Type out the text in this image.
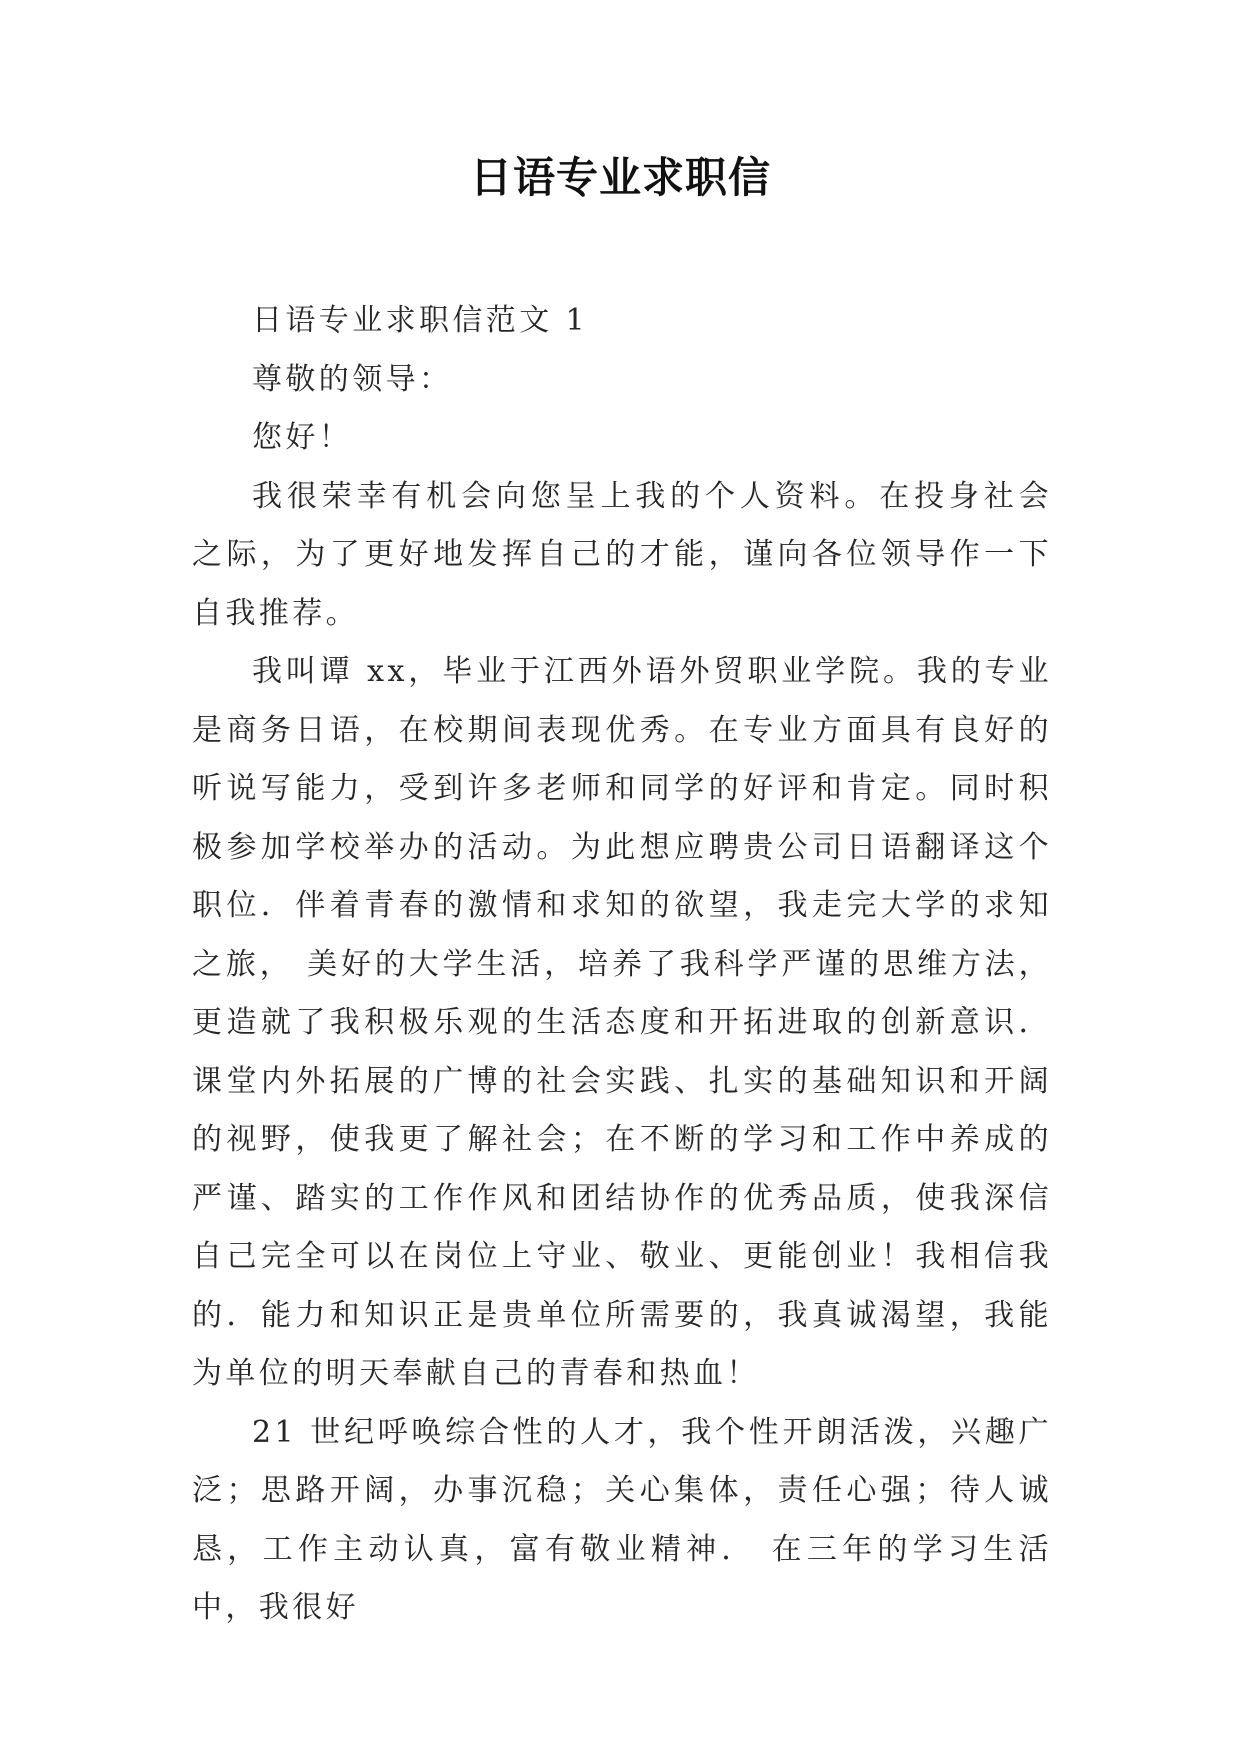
日语专业求职信

日语专业求职信范文 1

尊敬的领导：

您好！

我很荣幸有机会向您呈上我的个人资料。在投身社会之际，为了更好地发挥自己的才能，谨向各位领导作一下自我推荐。

我叫谭 xx，毕业于江西外语外贸职业学院。我的专业是商务日语，在校期间表现优秀。在专业方面具有良好的听说写能力，受到许多老师和同学的好评和肯定。同时积极参加学校举办的活动。为此想应聘贵公司日语翻译这个职位．伴着青春的激情和求知的欲望，我走完大学的求知之旅， 美好的大学生活，培养了我科学严谨的思维方法，更造就了我积极乐观的生活态度和开拓进取的创新意识．课堂内外拓展的广博的社会实践、扎实的基础知识和开阔的视野，使我更了解社会；在不断的学习和工作中养成的严谨、踏实的工作作风和团结协作的优秀品质，使我深信自己完全可以在岗位上守业、敬业、更能创业！我相信我的．能力和知识正是贵单位所需要的，我真诚渴望，我能为单位的明天奉献自己的青春和热血！

21 世纪呼唤综合性的人才，我个性开朗活泼，兴趣广泛；思路开阔，办事沉稳；关心集体，责任心强；待人诚恳，工作主动认真，富有敬业精神． 在三年的学习生活中，我很好
